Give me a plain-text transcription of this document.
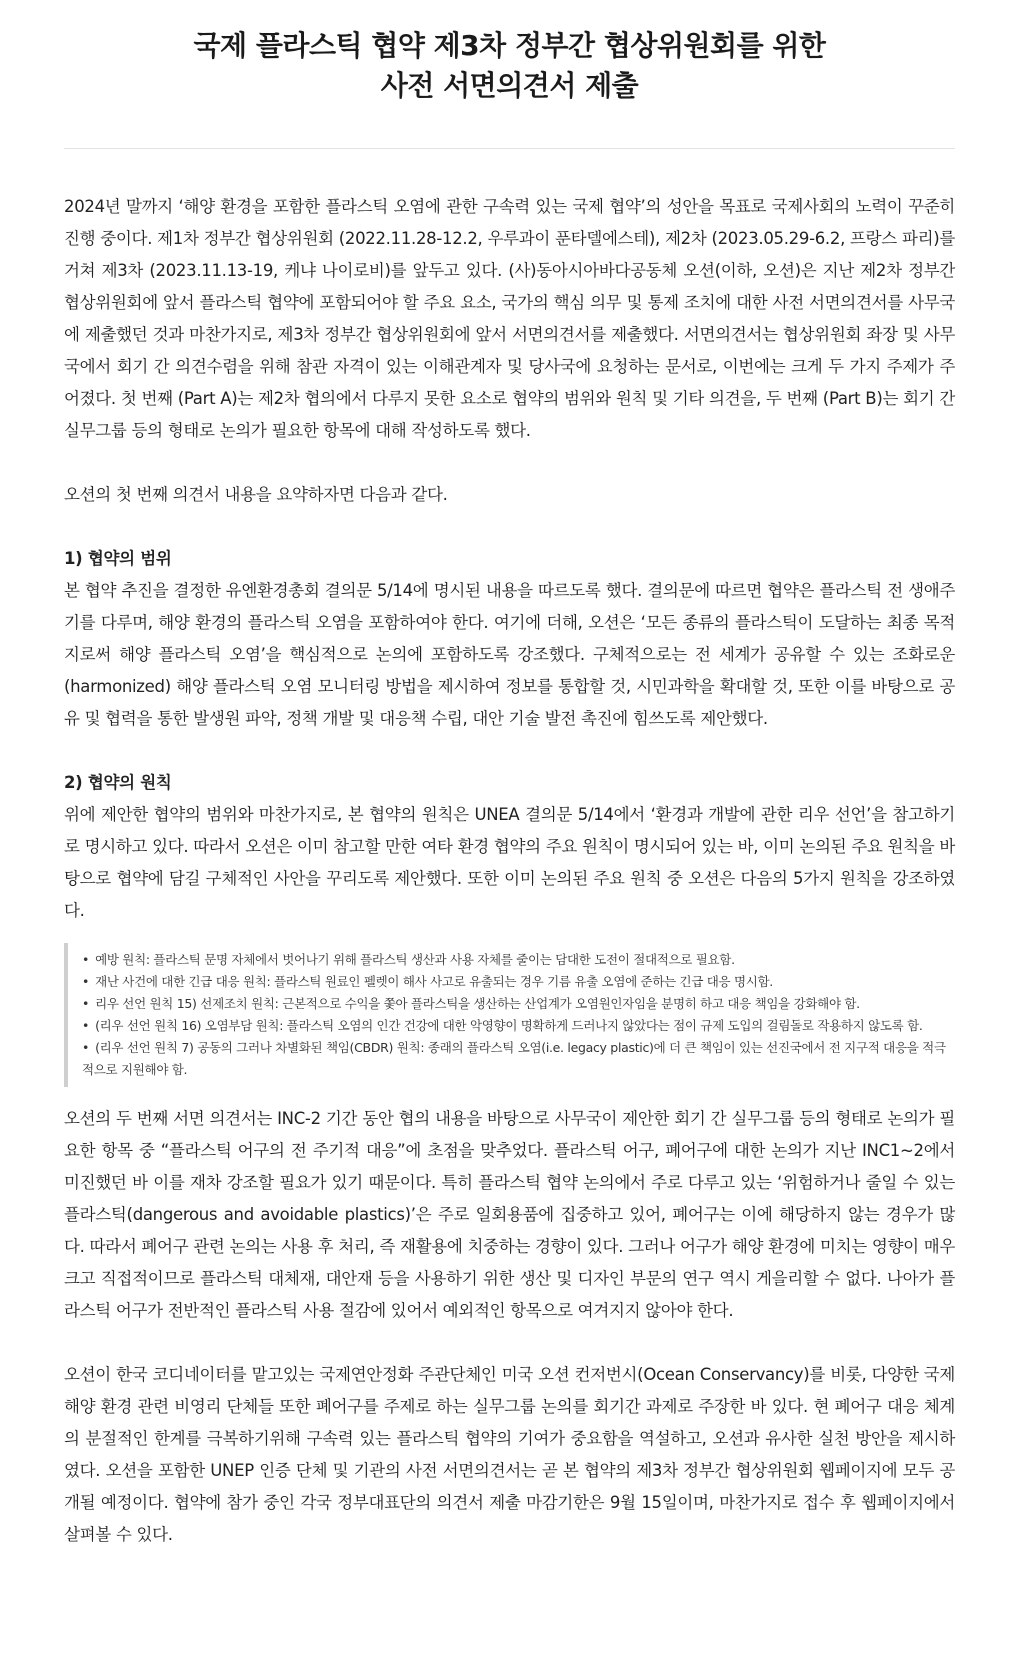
국제 플라스틱 협약 제3차 정부간 협상위원회를 위한
사전 서면의견서 제출

2024년 말까지 ‘해양 환경을 포함한 플라스틱 오염에 관한 구속력 있는 국제 협약’의 성안을 목표로 국제사회의 노력이 꾸준히 진행 중이다. 제1차 정부간 협상위원회 (2022.11.28-12.2, 우루과이 푼타델에스테), 제2차 (2023.05.29-6.2, 프랑스 파리)를 거쳐 제3차 (2023.11.13-19, 케냐 나이로비)를 앞두고 있다. (사)동아시아바다공동체 오션(이하, 오션)은 지난 제2차 정부간 협상위원회에 앞서 플라스틱 협약에 포함되어야 할 주요 요소, 국가의 핵심 의무 및 통제 조치에 대한 사전 서면의견서를 사무국에 제출했던 것과 마찬가지로, 제3차 정부간 협상위원회에 앞서 서면의견서를 제출했다. 서면의견서는 협상위원회 좌장 및 사무국에서 회기 간 의견수렴을 위해 참관 자격이 있는 이해관계자 및 당사국에 요청하는 문서로, 이번에는 크게 두 가지 주제가 주어졌다. 첫 번째 (Part A)는 제2차 협의에서 다루지 못한 요소로 협약의 범위와 원칙 및 기타 의견을, 두 번째 (Part B)는 회기 간 실무그룹 등의 형태로 논의가 필요한 항목에 대해 작성하도록 했다.

오션의 첫 번째 의견서 내용을 요약하자면 다음과 같다.

1) 협약의 범위

본 협약 추진을 결정한 유엔환경총회 결의문 5/14에 명시된 내용을 따르도록 했다. 결의문에 따르면 협약은 플라스틱 전 생애주기를 다루며, 해양 환경의 플라스틱 오염을 포함하여야 한다. 여기에 더해, 오션은 ‘모든 종류의 플라스틱이 도달하는 최종 목적지로써 해양 플라스틱 오염’을 핵심적으로 논의에 포함하도록 강조했다. 구체적으로는 전 세계가 공유할 수 있는 조화로운(harmonized) 해양 플라스틱 오염 모니터링 방법을 제시하여 정보를 통합할 것, 시민과학을 확대할 것, 또한 이를 바탕으로 공유 및 협력을 통한 발생원 파악, 정책 개발 및 대응책 수립, 대안 기술 발전 촉진에 힘쓰도록 제안했다.

2) 협약의 원칙

위에 제안한 협약의 범위와 마찬가지로, 본 협약의 원칙은 UNEA 결의문 5/14에서 ‘환경과 개발에 관한 리우 선언’을 참고하기로 명시하고 있다. 따라서 오션은 이미 참고할 만한 여타 환경 협약의 주요 원칙이 명시되어 있는 바, 이미 논의된 주요 원칙을 바탕으로 협약에 담길 구체적인 사안을 꾸리도록 제안했다. 또한 이미 논의된 주요 원칙 중 오션은 다음의 5가지 원칙을 강조하였다.

• 예방 원칙: 플라스틱 문명 자체에서 벗어나기 위해 플라스틱 생산과 사용 자체를 줄이는 담대한 도전이 절대적으로 필요함.
• 재난 사건에 대한 긴급 대응 원칙: 플라스틱 원료인 펠렛이 해사 사고로 유출되는 경우 기름 유출 오염에 준하는 긴급 대응 명시함.
• 리우 선언 원칙 15) 선제조치 원칙: 근본적으로 수익을 쫓아 플라스틱을 생산하는 산업계가 오염원인자임을 분명히 하고 대응 책임을 강화해야 함.
• (리우 선언 원칙 16) 오염부담 원칙: 플라스틱 오염의 인간 건강에 대한 악영향이 명확하게 드러나지 않았다는 점이 규제 도입의 걸림돌로 작용하지 않도록 함.
• (리우 선언 원칙 7) 공동의 그러나 차별화된 책임(CBDR) 원칙: 종래의 플라스틱 오염(i.e. legacy plastic)에 더 큰 책임이 있는 선진국에서 전 지구적 대응을 적극적으로 지원해야 함.

오션의 두 번째 서면 의견서는 INC-2 기간 동안 협의 내용을 바탕으로 사무국이 제안한 회기 간 실무그룹 등의 형태로 논의가 필요한 항목 중 “플라스틱 어구의 전 주기적 대응”에 초점을 맞추었다. 플라스틱 어구, 폐어구에 대한 논의가 지난 INC1~2에서 미진했던 바 이를 재차 강조할 필요가 있기 때문이다. 특히 플라스틱 협약 논의에서 주로 다루고 있는 ‘위험하거나 줄일 수 있는 플라스틱(dangerous and avoidable plastics)’은 주로 일회용품에 집중하고 있어, 폐어구는 이에 해당하지 않는 경우가 많다. 따라서 폐어구 관련 논의는 사용 후 처리, 즉 재활용에 치중하는 경향이 있다. 그러나 어구가 해양 환경에 미치는 영향이 매우 크고 직접적이므로 플라스틱 대체재, 대안재 등을 사용하기 위한 생산 및 디자인 부문의 연구 역시 게을리할 수 없다. 나아가 플라스틱 어구가 전반적인 플라스틱 사용 절감에 있어서 예외적인 항목으로 여겨지지 않아야 한다.

오션이 한국 코디네이터를 맡고있는 국제연안정화 주관단체인 미국 오션 컨저번시(Ocean Conservancy)를 비롯, 다양한 국제 해양 환경 관련 비영리 단체들 또한 폐어구를 주제로 하는 실무그룹 논의를 회기간 과제로 주장한 바 있다. 현 폐어구 대응 체계의 분절적인 한계를 극복하기위해 구속력 있는 플라스틱 협약의 기여가 중요함을 역설하고, 오션과 유사한 실천 방안을 제시하였다. 오션을 포함한 UNEP 인증 단체 및 기관의 사전 서면의견서는 곧 본 협약의 제3차 정부간 협상위원회 웹페이지에 모두 공개될 예정이다. 협약에 참가 중인 각국 정부대표단의 의견서 제출 마감기한은 9월 15일이며, 마찬가지로 접수 후 웹페이지에서 살펴볼 수 있다.
